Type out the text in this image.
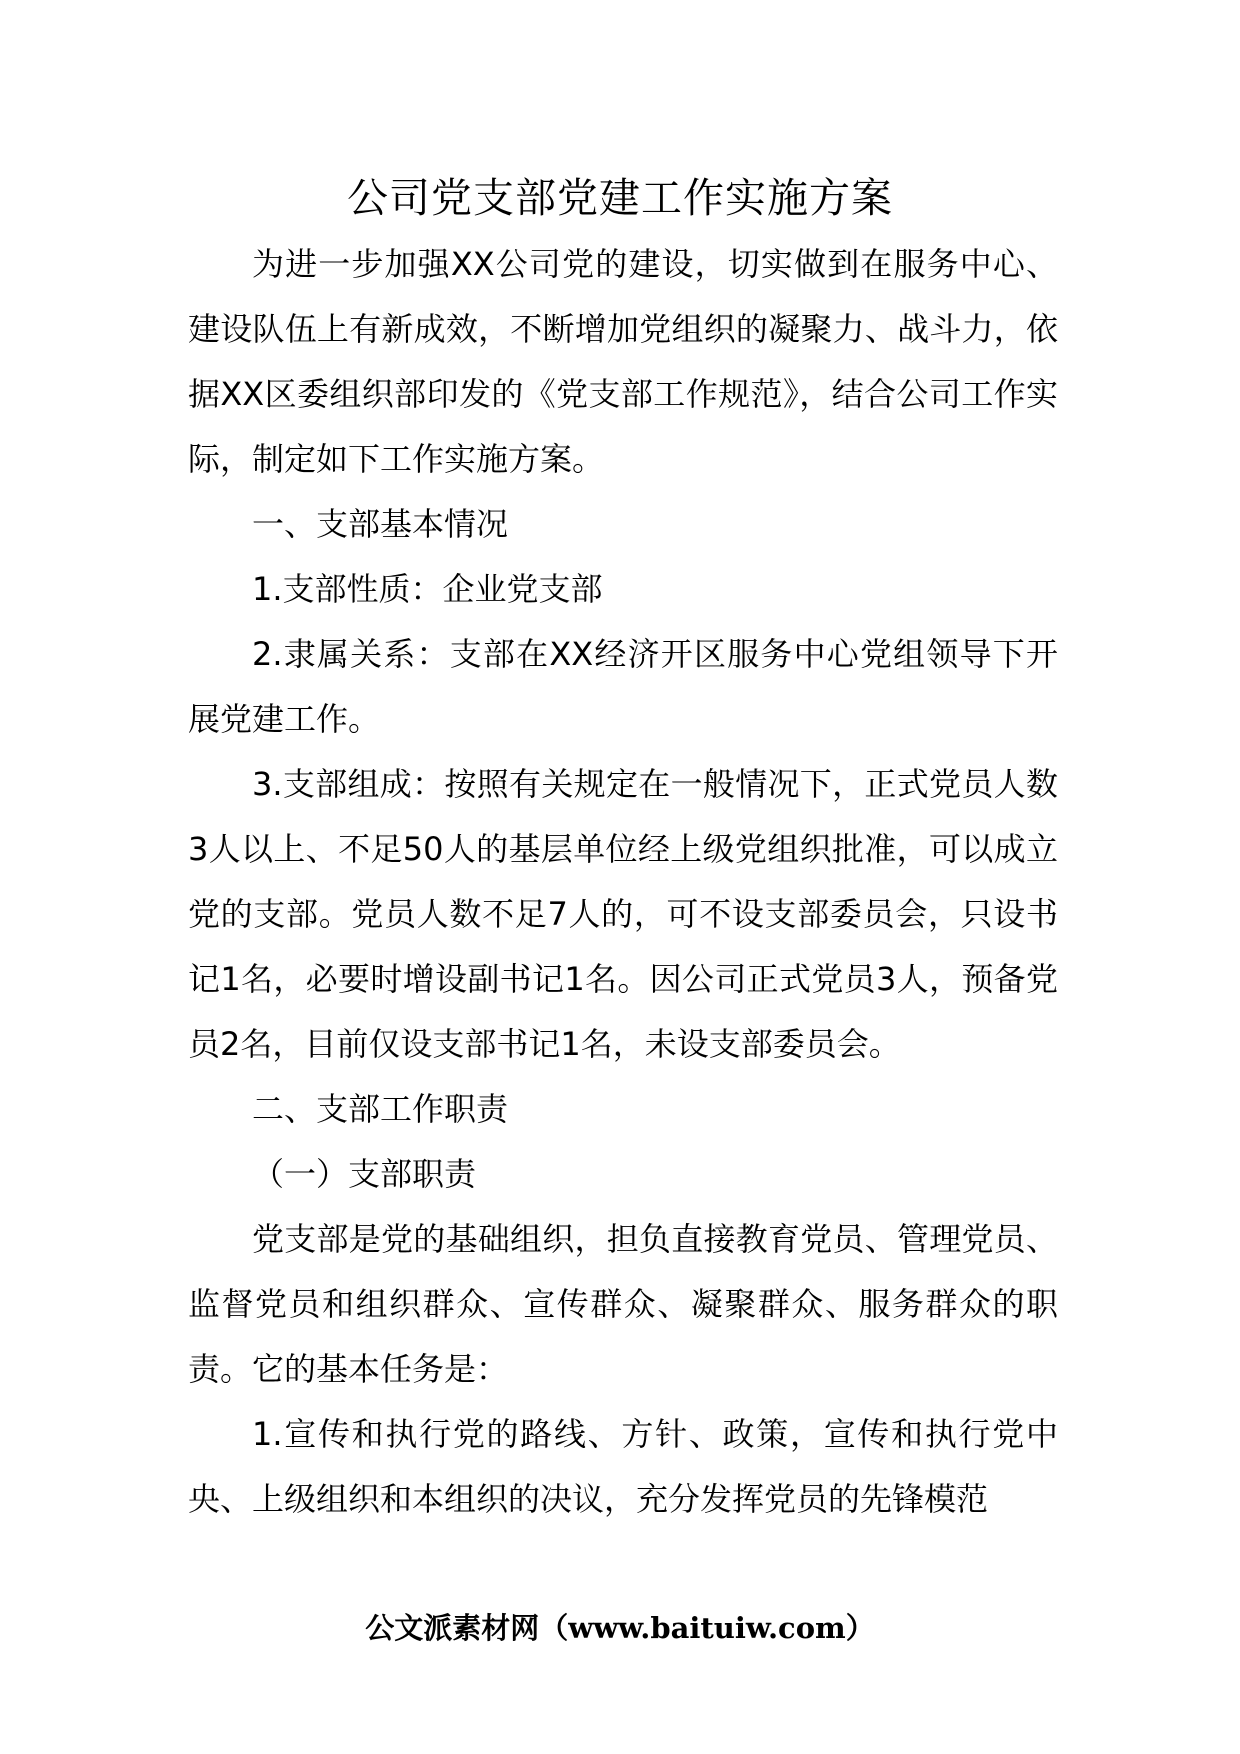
公司党支部党建工作实施方案

为进一步加强XX公司党的建设，切实做到在服务中心、建设队伍上有新成效，不断增加党组织的凝聚力、战斗力，依据XX区委组织部印发的《党支部工作规范》，结合公司工作实际，制定如下工作实施方案。

一、支部基本情况

1.支部性质：企业党支部

2.隶属关系：支部在XX经济开区服务中心党组领导下开展党建工作。

3.支部组成：按照有关规定在一般情况下，正式党员人数3人以上、不足50人的基层单位经上级党组织批准，可以成立党的支部。党员人数不足7人的，可不设支部委员会，只设书记1名，必要时增设副书记1名。因公司正式党员3人，预备党员2名，目前仅设支部书记1名，未设支部委员会。

二、支部工作职责

（一）支部职责

党支部是党的基础组织，担负直接教育党员、管理党员、监督党员和组织群众、宣传群众、凝聚群众、服务群众的职责。它的基本任务是：

1.宣传和执行党的路线、方针、政策，宣传和执行党中央、上级组织和本组织的决议，充分发挥党员的先锋模范

公文派素材网（www.baituiw.com）
